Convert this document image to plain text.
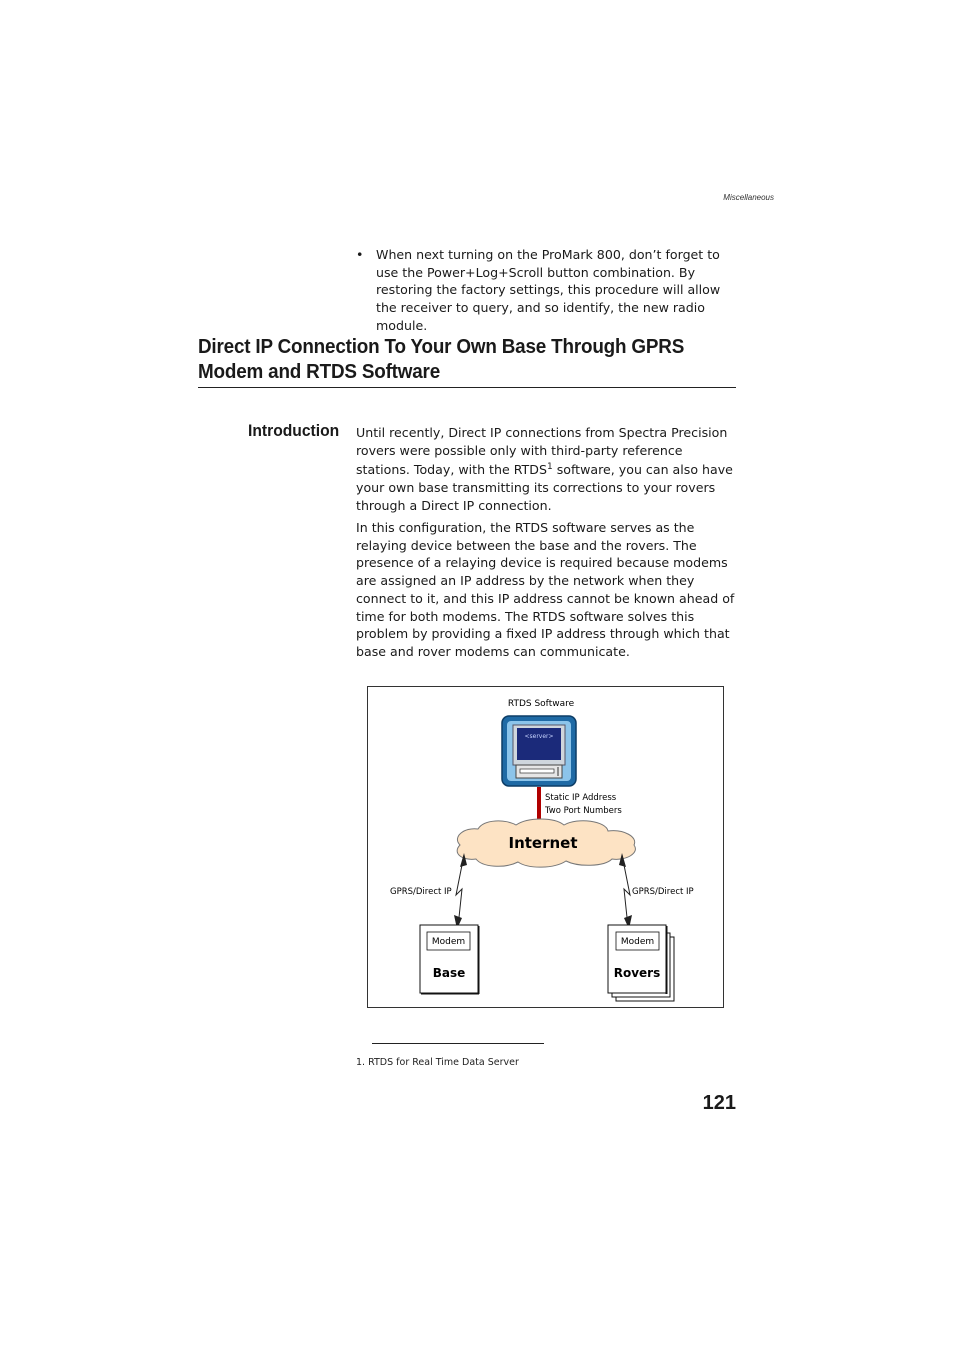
Miscellaneous
• When next turning on the ProMark 800, don’t forget to use the Power+Log+Scroll button combination. By restoring the factory settings, this procedure will allow the receiver to query, and so identify, the new radio module.
Direct IP Connection To Your Own Base Through GPRS Modem and RTDS Software
Introduction Until recently, Direct IP connections from Spectra Precision rovers were possible only with third-party reference stations. Today, with the RTDS$^1$ software, you can also have your own base transmitting its corrections to your rovers through a Direct IP connection.
In this configuration, the RTDS software serves as the relaying device between the base and the rovers. The presence of a relaying device is required because modems are assigned an IP address by the network when they connect to it, and this IP address cannot be known ahead of time for both modems. The RTDS software solves this problem by providing a fixed IP address through which that base and rover modems can communicate.
RTDS Software
<server>
Static IP Address
Two Port Numbers
Internet
GPRS/Direct IP	GPRS/Direct IP
Modem
Base
Modem
Rovers
1. RTDS for Real Time Data Server
121
